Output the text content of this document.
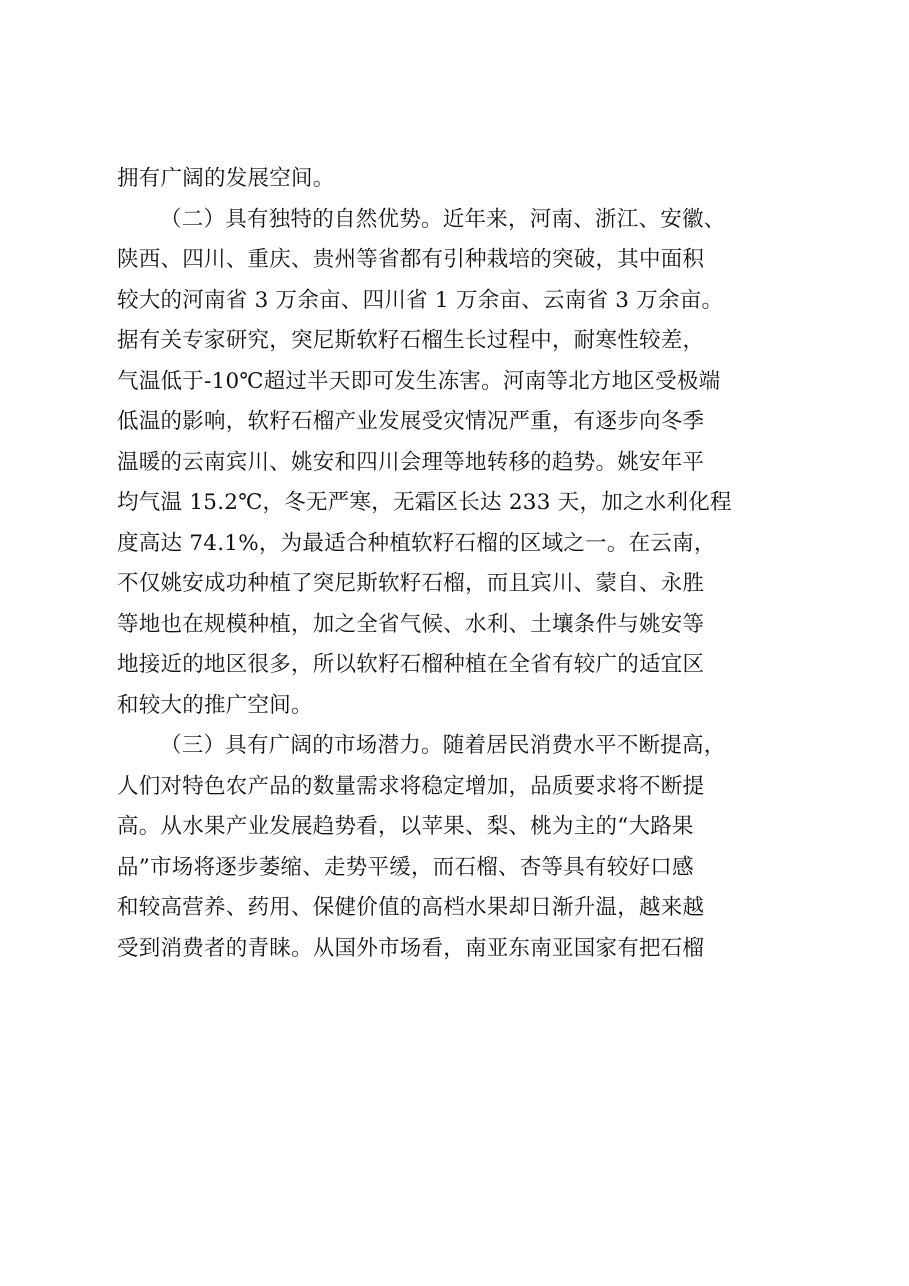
拥有广阔的发展空间。
（二）具有独特的自然优势。近年来，河南、浙江、安徽、
陕西、四川、重庆、贵州等省都有引种栽培的突破，其中面积
较大的河南省 3 万余亩、四川省 1 万余亩、云南省 3 万余亩。
据有关专家研究，突尼斯软籽石榴生长过程中，耐寒性较差，
气温低于-10℃超过半天即可发生冻害。河南等北方地区受极端
低温的影响，软籽石榴产业发展受灾情况严重，有逐步向冬季
温暖的云南宾川、姚安和四川会理等地转移的趋势。姚安年平
均气温 15.2℃，冬无严寒，无霜区长达 233 天，加之水利化程
度高达 74.1%，为最适合种植软籽石榴的区域之一。在云南，
不仅姚安成功种植了突尼斯软籽石榴，而且宾川、蒙自、永胜
等地也在规模种植，加之全省气候、水利、土壤条件与姚安等
地接近的地区很多，所以软籽石榴种植在全省有较广的适宜区
和较大的推广空间。
（三）具有广阔的市场潜力。随着居民消费水平不断提高，
人们对特色农产品的数量需求将稳定增加，品质要求将不断提
高。从水果产业发展趋势看，以苹果、梨、桃为主的“大路果
品”市场将逐步萎缩、走势平缓，而石榴、杏等具有较好口感
和较高营养、药用、保健价值的高档水果却日渐升温，越来越
受到消费者的青睐。从国外市场看，南亚东南亚国家有把石榴
